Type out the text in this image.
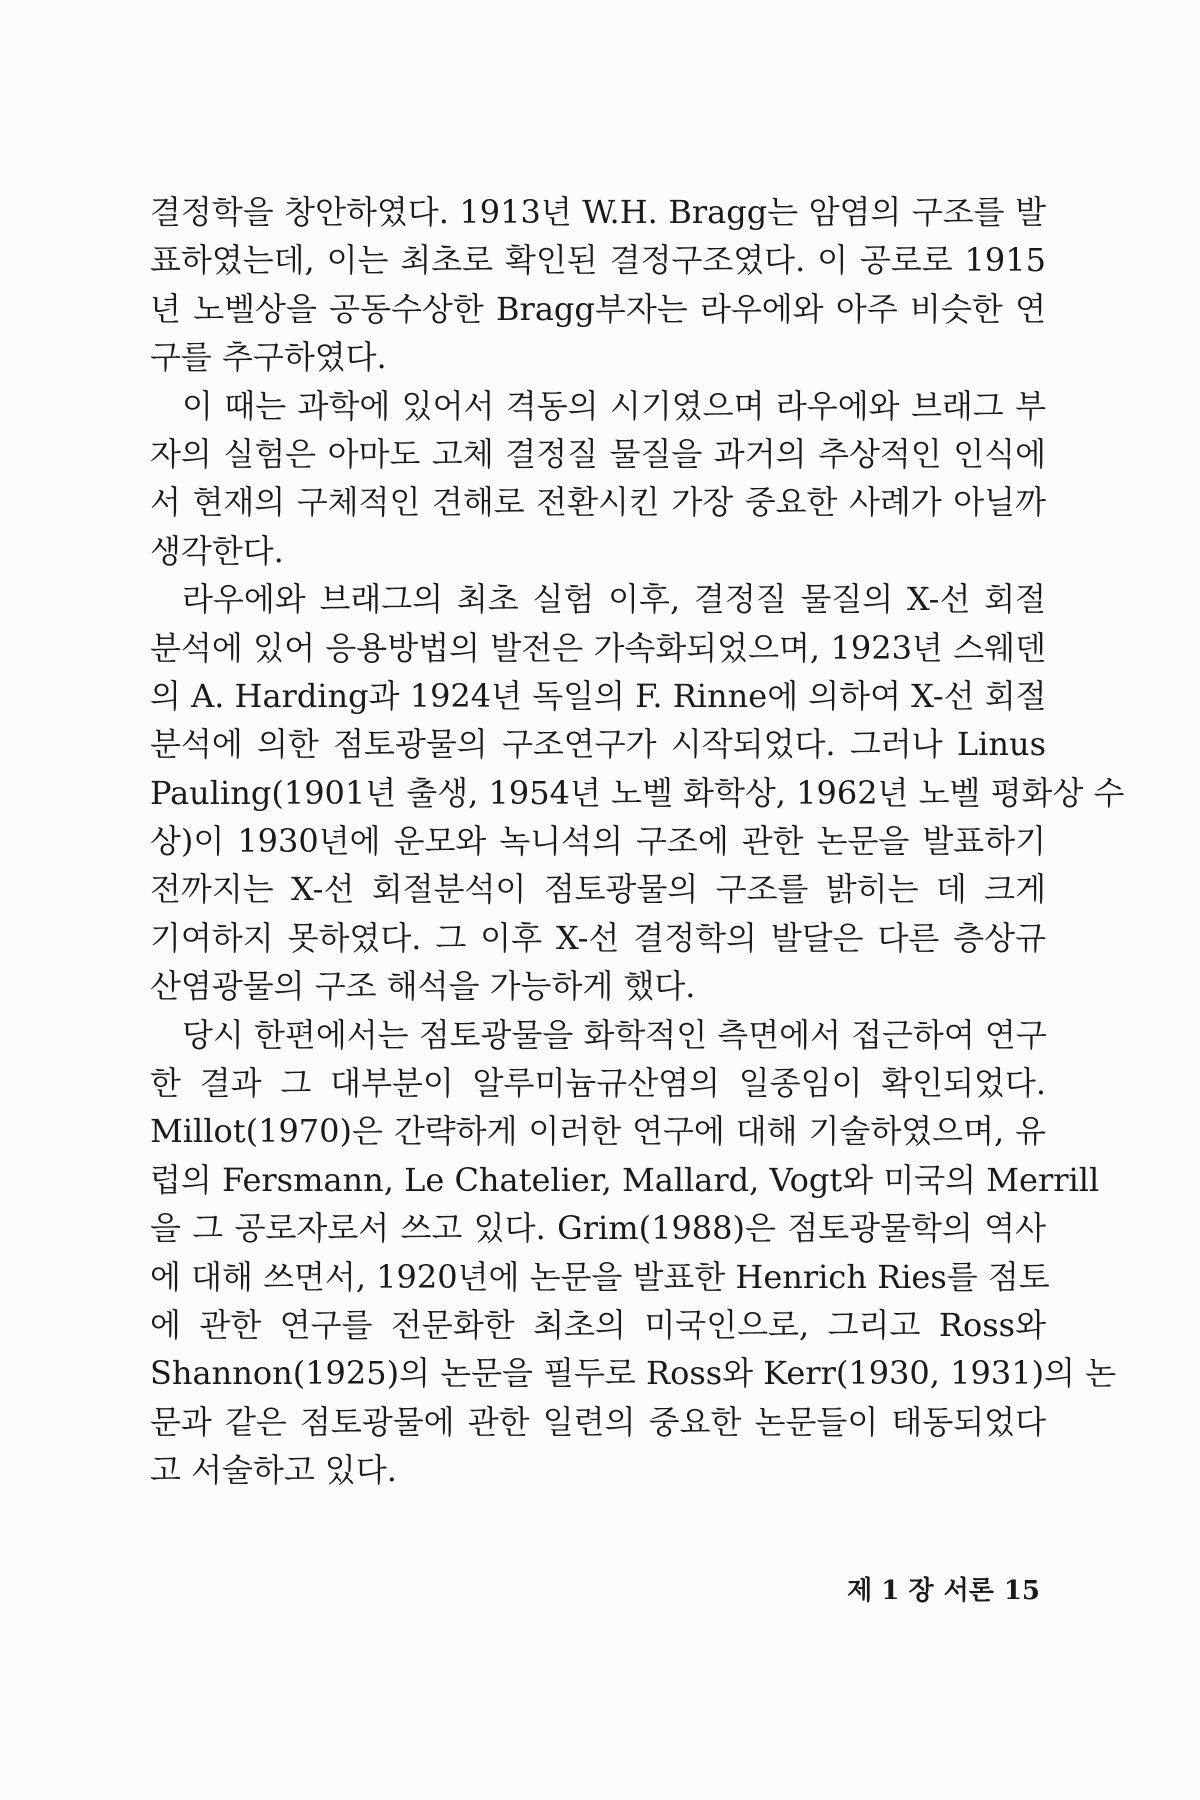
결정학을 창안하였다. 1913년 W.H. Bragg는 암염의 구조를 발
표하였는데, 이는 최초로 확인된 결정구조였다. 이 공로로 1915
년 노벨상을 공동수상한 Bragg부자는 라우에와 아주 비슷한 연
구를 추구하였다.
이 때는 과학에 있어서 격동의 시기였으며 라우에와 브래그 부
자의 실험은 아마도 고체 결정질 물질을 과거의 추상적인 인식에
서 현재의 구체적인 견해로 전환시킨 가장 중요한 사례가 아닐까
생각한다.
라우에와 브래그의 최초 실험 이후, 결정질 물질의 X-선 회절
분석에 있어 응용방법의 발전은 가속화되었으며, 1923년 스웨덴
의 A. Harding과 1924년 독일의 F. Rinne에 의하여 X-선 회절
분석에 의한 점토광물의 구조연구가 시작되었다. 그러나 Linus
Pauling(1901년 출생, 1954년 노벨 화학상, 1962년 노벨 평화상 수
상)이 1930년에 운모와 녹니석의 구조에 관한 논문을 발표하기
전까지는 X-선 회절분석이 점토광물의 구조를 밝히는 데 크게
기여하지 못하였다. 그 이후 X-선 결정학의 발달은 다른 층상규
산염광물의 구조 해석을 가능하게 했다.
당시 한편에서는 점토광물을 화학적인 측면에서 접근하여 연구
한 결과 그 대부분이 알루미늄규산염의 일종임이 확인되었다.
Millot(1970)은 간략하게 이러한 연구에 대해 기술하였으며, 유
럽의 Fersmann, Le Chatelier, Mallard, Vogt와 미국의 Merrill
을 그 공로자로서 쓰고 있다. Grim(1988)은 점토광물학의 역사
에 대해 쓰면서, 1920년에 논문을 발표한 Henrich Ries를 점토
에 관한 연구를 전문화한 최초의 미국인으로, 그리고 Ross와
Shannon(1925)의 논문을 필두로 Ross와 Kerr(1930, 1931)의 논
문과 같은 점토광물에 관한 일련의 중요한 논문들이 태동되었다
고 서술하고 있다.
제 1 장 서론 15
